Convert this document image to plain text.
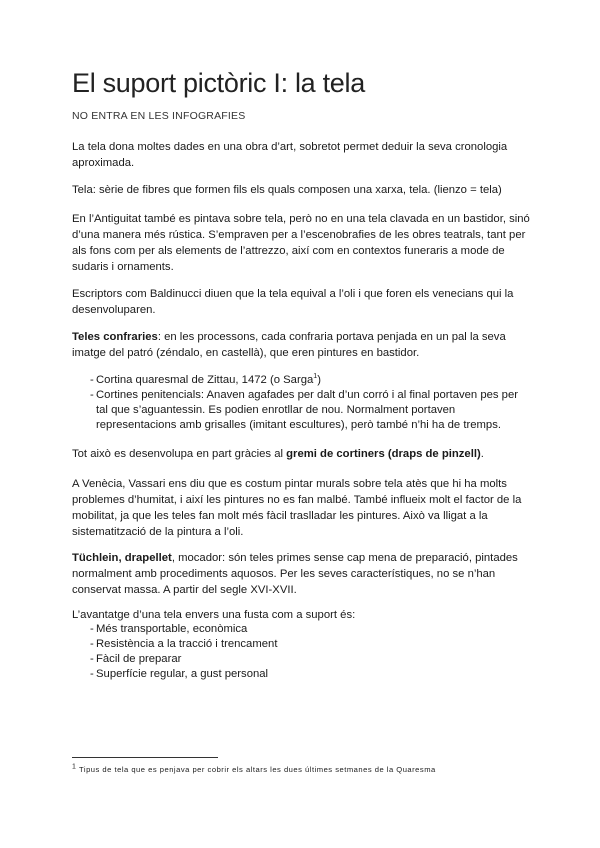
El suport pictòric I: la tela
NO ENTRA EN LES INFOGRAFIES

La tela dona moltes dades en una obra d’art, sobretot permet deduir la seva cronologia aproximada.

Tela: sèrie de fibres que formen fils els quals composen una xarxa, tela. (lienzo = tela)

En l’Antiguitat també es pintava sobre tela, però no en una tela clavada en un bastidor, sinó d’una manera més rústica. S’empraven per a l’escenobrafies de les obres teatrals, tant per als fons com per als elements de l’attrezzo, així com en contextos funeraris a mode de sudaris i ornaments.

Escriptors com Baldinucci diuen que la tela equival a l’oli i que foren els venecians qui la desenvoluparen.

Teles confraries: en les processons, cada confraria portava penjada en un pal la seva imatge del patró (zéndalo, en castellà), que eren pintures en bastidor.

- Cortina quaresmal de Zittau, 1472 (o Sarga$^1$)
- Cortines penitencials: Anaven agafades per dalt d’un corró i al final portaven pes per tal que s’aguantessin. Es podien enrotllar de nou. Normalment portaven representacions amb grisalles (imitant escultures), però també n’hi ha de tremps.

Tot això es desenvolupa en part gràcies al gremi de cortiners (draps de pinzell).

A Venècia, Vassari ens diu que es costum pintar murals sobre tela atès que hi ha molts problemes d’humitat, i així les pintures no es fan malbé. També influeix molt el factor de la mobilitat, ja que les teles fan molt més fàcil traslladar les pintures. Això va lligat a la sistematització de la pintura a l’oli.

Tüchlein, drapellet, mocador: són teles primes sense cap mena de preparació, pintades normalment amb procediments aquosos. Per les seves característiques, no se n’han conservat massa. A partir del segle XVI-XVII.

L’avantatge d’una tela envers una fusta com a suport és:

- Més transportable, econòmica
- Resistència a la tracció i trencament
- Fàcil de preparar
- Superfície regular, a gust personal
$^1$ Tipus de tela que es penjava per cobrir els altars les dues últimes setmanes de la Quaresma
